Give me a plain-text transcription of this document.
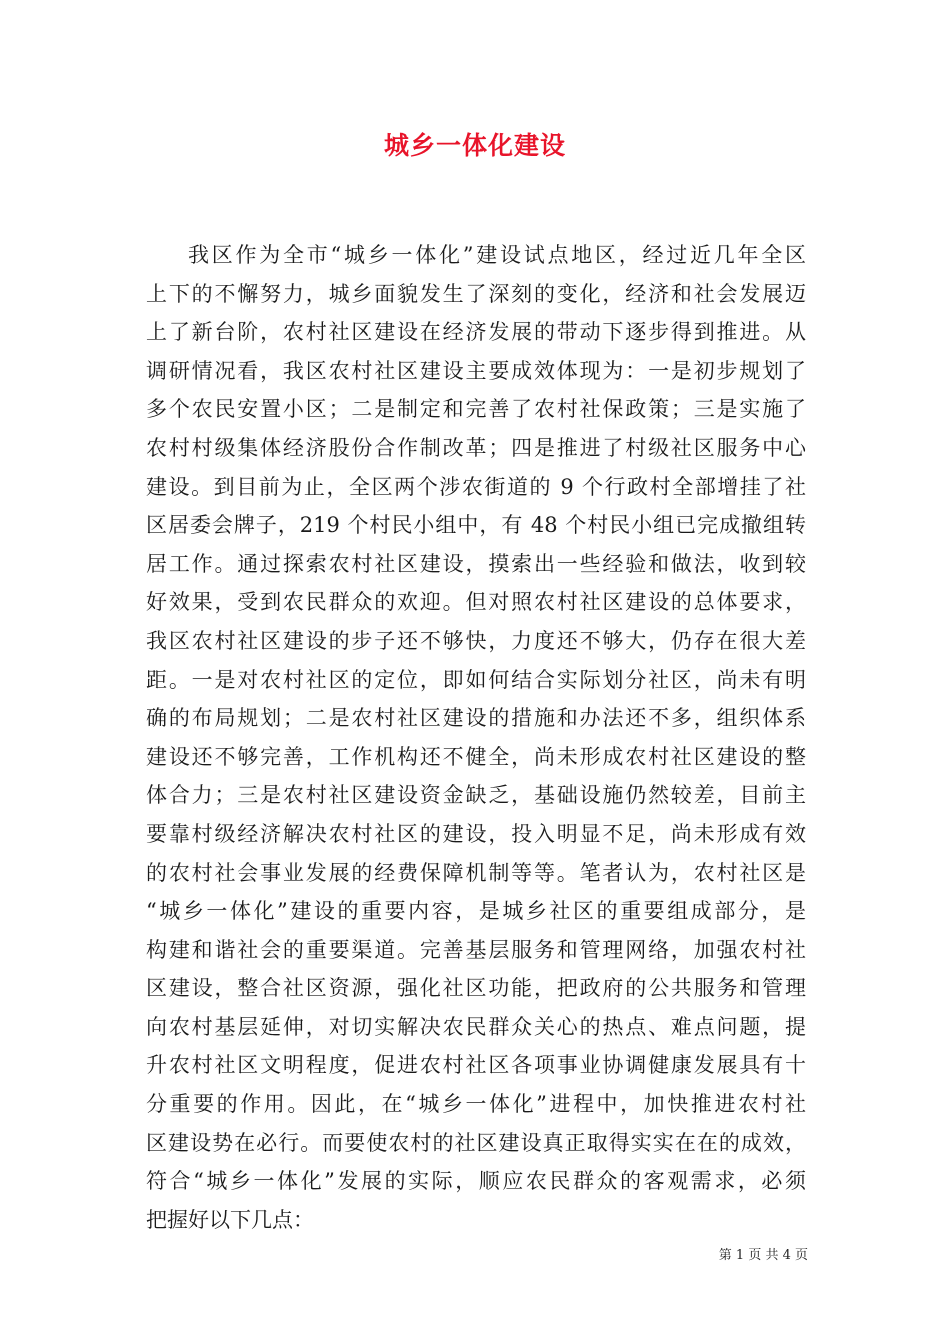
城乡一体化建设
我区作为全市“城乡一体化”建设试点地区，经过近几年全区
上下的不懈努力，城乡面貌发生了深刻的变化，经济和社会发展迈
上了新台阶，农村社区建设在经济发展的带动下逐步得到推进。从
调研情况看，我区农村社区建设主要成效体现为：一是初步规划了
多个农民安置小区；二是制定和完善了农村社保政策；三是实施了
农村村级集体经济股份合作制改革；四是推进了村级社区服务中心
建设。到目前为止，全区两个涉农街道的 9 个行政村全部增挂了社
区居委会牌子，219 个村民小组中，有 48 个村民小组已完成撤组转
居工作。通过探索农村社区建设，摸索出一些经验和做法，收到较
好效果，受到农民群众的欢迎。但对照农村社区建设的总体要求，
我区农村社区建设的步子还不够快，力度还不够大，仍存在很大差
距。一是对农村社区的定位，即如何结合实际划分社区，尚未有明
确的布局规划；二是农村社区建设的措施和办法还不多，组织体系
建设还不够完善，工作机构还不健全，尚未形成农村社区建设的整
体合力；三是农村社区建设资金缺乏，基础设施仍然较差，目前主
要靠村级经济解决农村社区的建设，投入明显不足，尚未形成有效
的农村社会事业发展的经费保障机制等等。笔者认为，农村社区是
“城乡一体化”建设的重要内容，是城乡社区的重要组成部分，是
构建和谐社会的重要渠道。完善基层服务和管理网络，加强农村社
区建设，整合社区资源，强化社区功能，把政府的公共服务和管理
向农村基层延伸，对切实解决农民群众关心的热点、难点问题，提
升农村社区文明程度，促进农村社区各项事业协调健康发展具有十
分重要的作用。因此，在“城乡一体化”进程中，加快推进农村社
区建设势在必行。而要使农村的社区建设真正取得实实在在的成效，
符合“城乡一体化”发展的实际，顺应农民群众的客观需求，必须
把握好以下几点：
第 1 页 共 4 页
